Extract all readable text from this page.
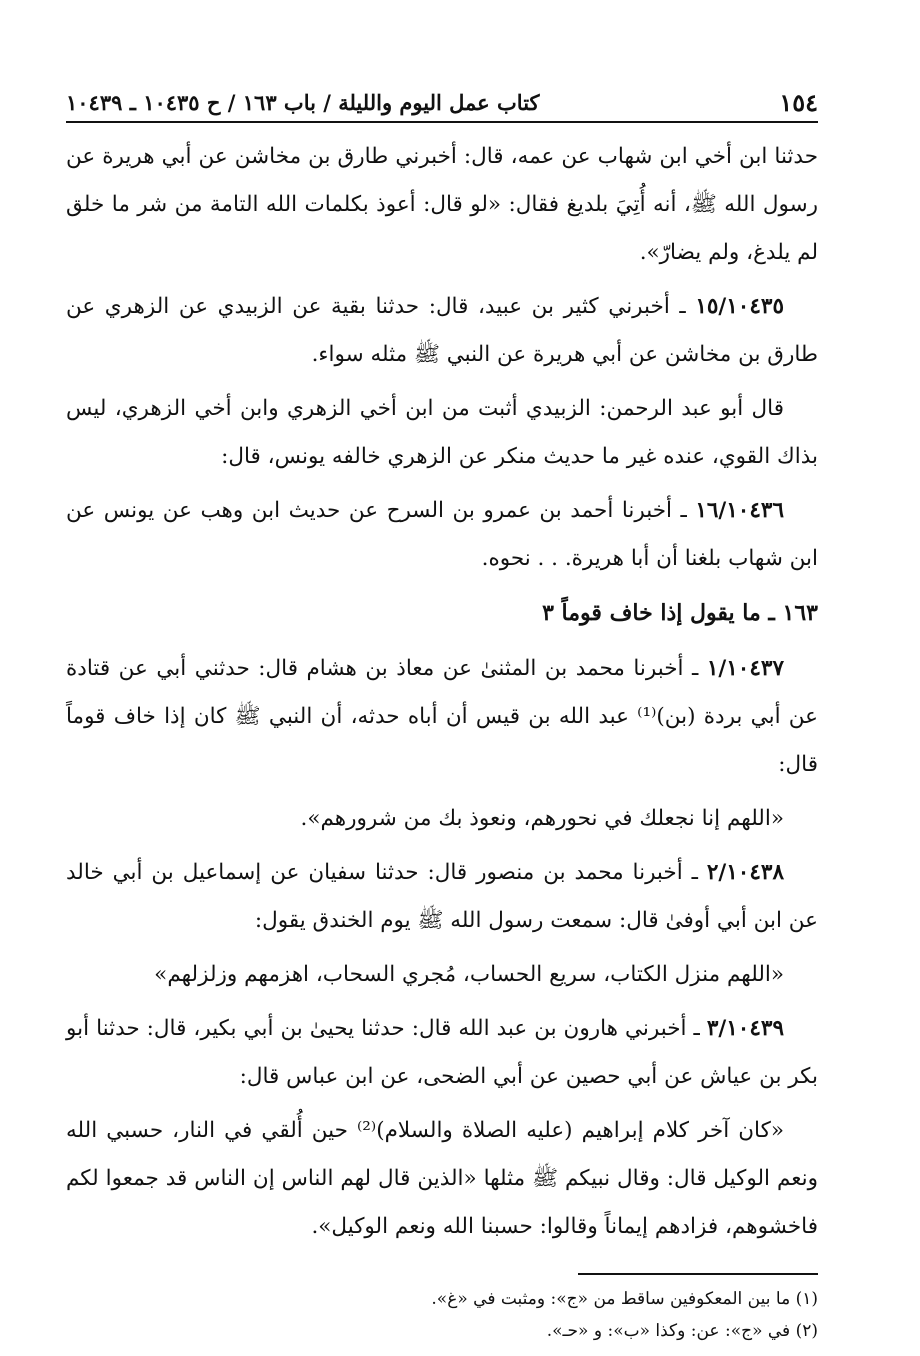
١٥٤
كتاب عمل اليوم والليلة / باب ١٦٣ / ح ١٠٤٣٥ ـ ١٠٤٣٩

حدثنا ابن أخي ابن شهاب عن عمه، قال: أخبرني طارق بن مخاشن عن أبي هريرة عن رسول الله ﷺ، أنه أُتِيَ بلديغ فقال: «لو قال: أعوذ بكلمات الله التامة من شر ما خلق لم يلدغ، ولم يضارّ».

١٥/١٠٤٣٥ ـ أخبرني كثير بن عبيد، قال: حدثنا بقية عن الزبيدي عن الزهري عن طارق بن مخاشن عن أبي هريرة عن النبي ﷺ مثله سواء.

قال أبو عبد الرحمن: الزبيدي أثبت من ابن أخي الزهري وابن أخي الزهري، ليس بذاك القوي، عنده غير ما حديث منكر عن الزهري خالفه يونس، قال:

١٦/١٠٤٣٦ ـ أخبرنا أحمد بن عمرو بن السرح عن حديث ابن وهب عن يونس عن ابن شهاب بلغنا أن أبا هريرة. . . نحوه.

١٦٣ ـ ما يقول إذا خاف قوماً ٣

١/١٠٤٣٧ ـ أخبرنا محمد بن المثنىٰ عن معاذ بن هشام قال: حدثني أبي عن قتادة عن أبي بردة (بن)⁽¹⁾ عبد الله بن قيس أن أباه حدثه، أن النبي ﷺ كان إذا خاف قوماً قال:

«اللهم إنا نجعلك في نحورهم، ونعوذ بك من شرورهم».

٢/١٠٤٣٨ ـ أخبرنا محمد بن منصور قال: حدثنا سفيان عن إسماعيل بن أبي خالد عن ابن أبي أوفىٰ قال: سمعت رسول الله ﷺ يوم الخندق يقول:

«اللهم منزل الكتاب، سريع الحساب، مُجري السحاب، اهزمهم وزلزلهم»

٣/١٠٤٣٩ ـ أخبرني هارون بن عبد الله قال: حدثنا يحيىٰ بن أبي بكير، قال: حدثنا أبو بكر بن عياش عن أبي حصين عن أبي الضحى، عن ابن عباس قال:

«كان آخر كلام إبراهيم (عليه الصلاة والسلام)⁽²⁾ حين أُلقي في النار، حسبي الله ونعم الوكيل قال: وقال نبيكم ﷺ مثلها «الذين قال لهم الناس إن الناس قد جمعوا لكم فاخشوهم، فزادهم إيماناً وقالوا: حسبنا الله ونعم الوكيل».

(١) ما بين المعكوفين ساقط من «ج»: ومثبت في «غ».
(٢) في «ج»: عن: وكذا «ب»: و «حـ».
